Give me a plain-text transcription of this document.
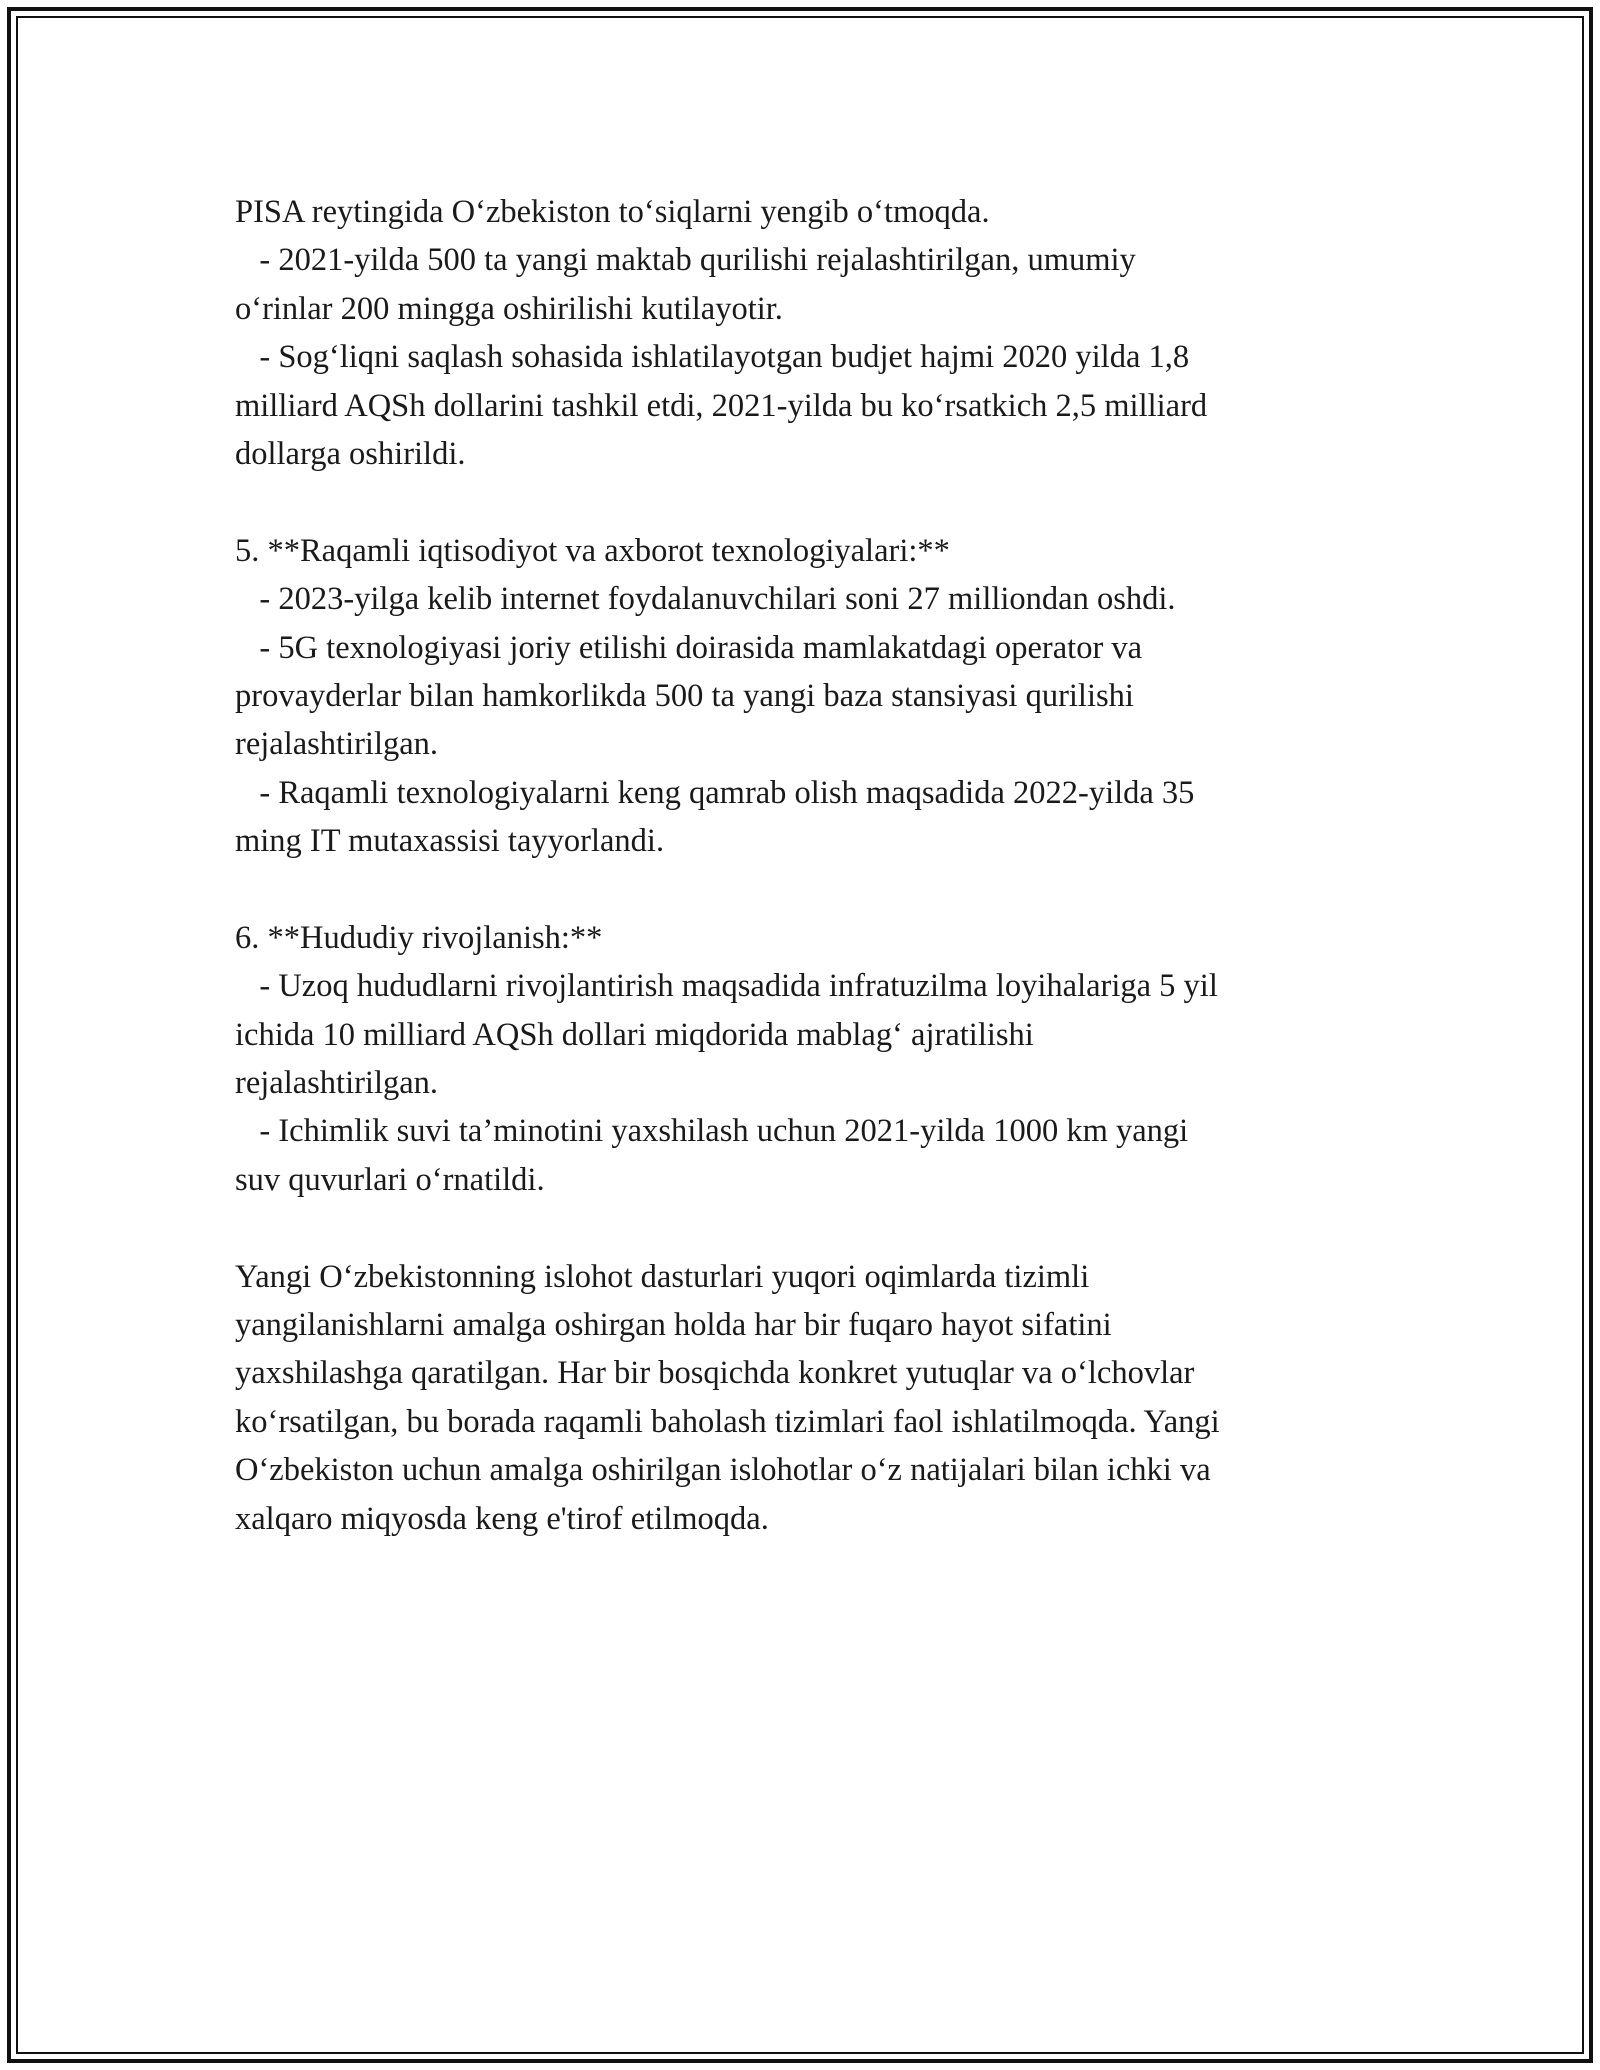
PISA reytingida O‘zbekiston to‘siqlarni yengib o‘tmoqda.
- 2021-yilda 500 ta yangi maktab qurilishi rejalashtirilgan, umumiy
o‘rinlar 200 mingga oshirilishi kutilayotir.
- Sog‘liqni saqlash sohasida ishlatilayotgan budjet hajmi 2020 yilda 1,8
milliard AQSh dollarini tashkil etdi, 2021-yilda bu ko‘rsatkich 2,5 milliard
dollarga oshirildi.
5. **Raqamli iqtisodiyot va axborot texnologiyalari:**
- 2023-yilga kelib internet foydalanuvchilari soni 27 milliondan oshdi.
- 5G texnologiyasi joriy etilishi doirasida mamlakatdagi operator va
provayderlar bilan hamkorlikda 500 ta yangi baza stansiyasi qurilishi
rejalashtirilgan.
- Raqamli texnologiyalarni keng qamrab olish maqsadida 2022-yilda 35
ming IT mutaxassisi tayyorlandi.
6. **Hududiy rivojlanish:**
- Uzoq hududlarni rivojlantirish maqsadida infratuzilma loyihalariga 5 yil
ichida 10 milliard AQSh dollari miqdorida mablag‘ ajratilishi
rejalashtirilgan.
- Ichimlik suvi ta’minotini yaxshilash uchun 2021-yilda 1000 km yangi
suv quvurlari o‘rnatildi.
Yangi O‘zbekistonning islohot dasturlari yuqori oqimlarda tizimli
yangilanishlarni amalga oshirgan holda har bir fuqaro hayot sifatini
yaxshilashga qaratilgan. Har bir bosqichda konkret yutuqlar va o‘lchovlar
ko‘rsatilgan, bu borada raqamli baholash tizimlari faol ishlatilmoqda. Yangi
O‘zbekiston uchun amalga oshirilgan islohotlar o‘z natijalari bilan ichki va
xalqaro miqyosda keng e'tirof etilmoqda.
